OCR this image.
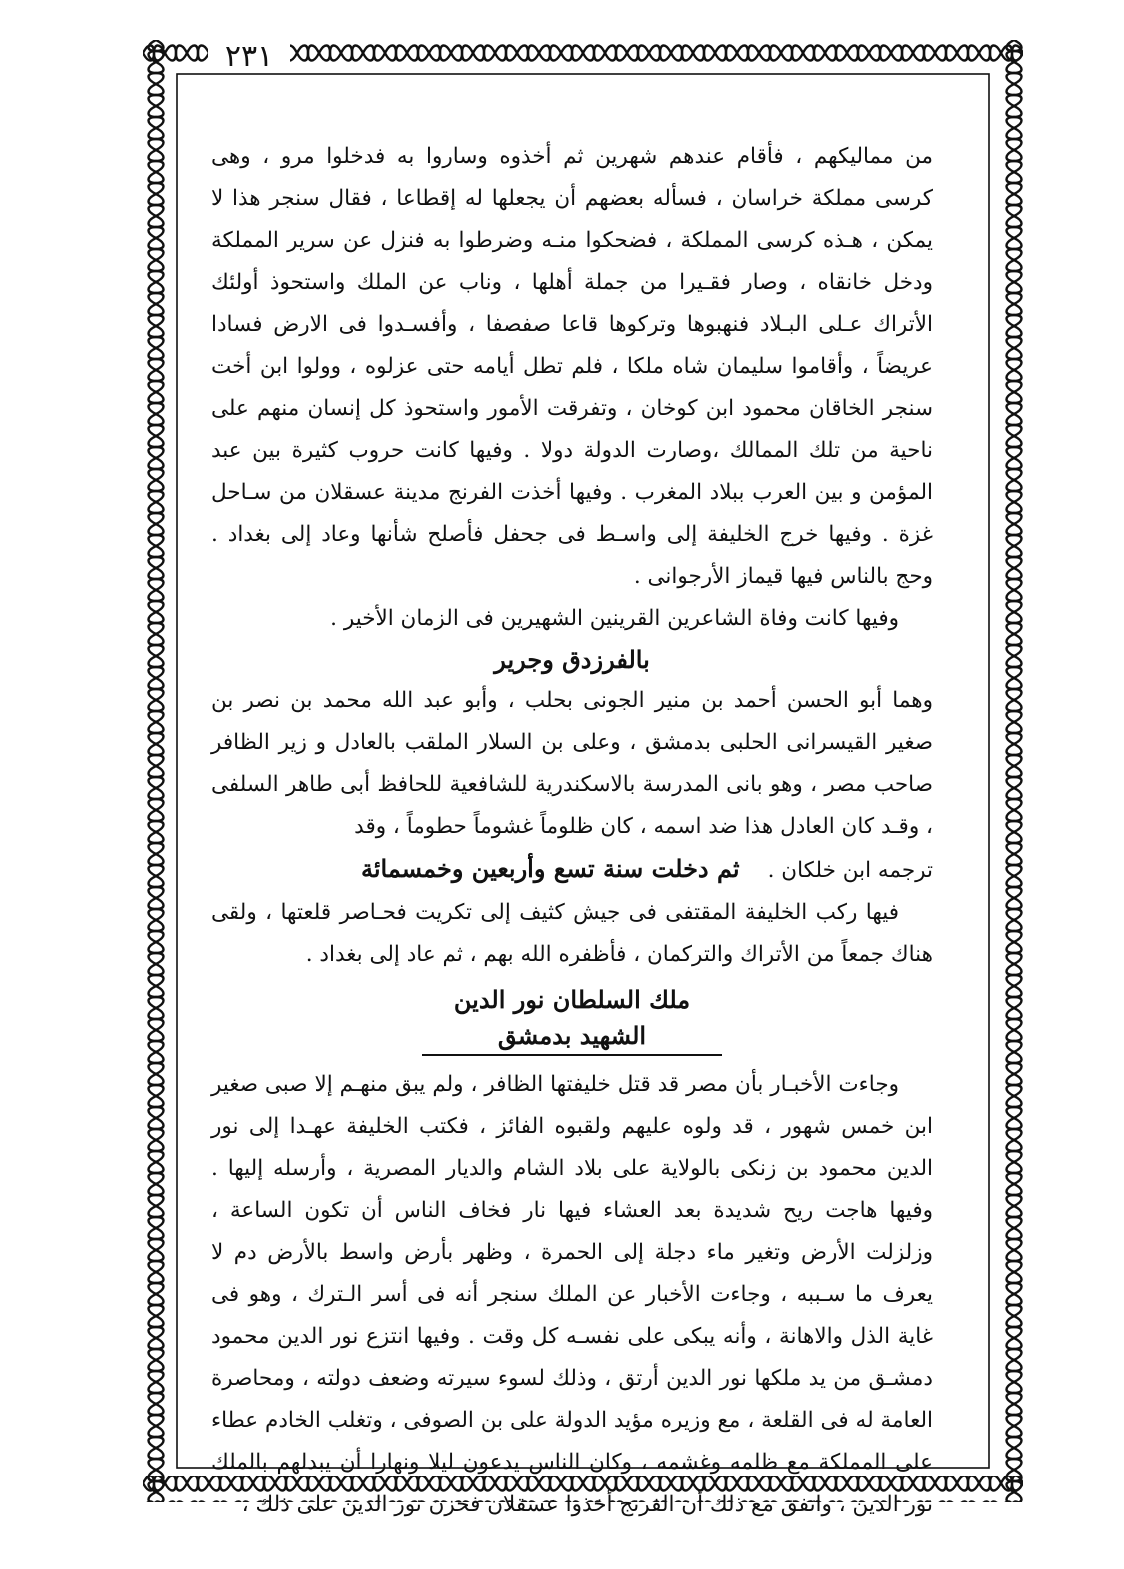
٢٣١

من مماليكهم ، فأقام عندهم شهرين ثم أخذوه وساروا به فدخلوا مرو ، وهى كرسى مملكة خراسان ، فسأله بعضهم أن يجعلها له إقطاعا ، فقال سنجر هذا لا يمكن ، هـذه كرسى المملكة ، فضحكوا منـه وضرطوا به فنزل عن سرير المملكة ودخل خانقاه ، وصار فقـيرا من جملة أهلها ، وناب عن الملك واستحوذ أولئك الأتراك عـلى البـلاد فنهبوها وتركوها قاعا صفصفا ، وأفسـدوا فى الارض فسادا عريضاً ، وأقاموا سليمان شاه ملكا ، فلم تطل أيامه حتى عزلوه ، وولوا ابن أخت سنجر الخاقان محمود ابن كوخان ، وتفرقت الأمور واستحوذ كل إنسان منهم على ناحية من تلك الممالك ،وصارت الدولة دولا . وفيها كانت حروب كثيرة بين عبد المؤمن و بين العرب ببلاد المغرب . وفيها أخذت الفرنج مدينة عسقلان من سـاحل غزة . وفيها خرج الخليفة إلى واسـط فى جحفل فأصلح شأنها وعاد إلى بغداد . وحج بالناس فيها قيماز الأرجوانى .

وفيها كانت وفاة الشاعرين القرينين الشهيرين فى الزمان الأخير .

بالفرزدق وجرير

وهما أبو الحسن أحمد بن منير الجونى بحلب ، وأبو عبد الله محمد بن نصر بن صغير القيسرانى الحلبى بدمشق ، وعلى بن السلار الملقب بالعادل و زير الظافر صاحب مصر ، وهو بانى المدرسة بالاسكندرية للشافعية للحافظ أبى طاهر السلفى ، وقـد كان العادل هذا ضد اسمه ، كان ظلوماً غشوماً حطوماً ، وقد

ترجمه ابن خلكان .
ثم دخلت سنة تسع وأربعين وخمسمائة

فيها ركب الخليفة المقتفى فى جيش كثيف إلى تكريت فحـاصر قلعتها ، ولقى هناك جمعاً من الأتراك والتركمان ، فأظفره الله بهم ، ثم عاد إلى بغداد .

ملك السلطان نور الدين الشهيد بدمشق

وجاءت الأخبـار بأن مصر قد قتل خليفتها الظافر ، ولم يبق منهـم إلا صبى صغير ابن خمس شهور ، قد ولوه عليهم ولقبوه الفائز ، فكتب الخليفة عهـدا إلى نور الدين محمود بن زنكى بالولاية على بلاد الشام والديار المصرية ، وأرسله إليها . وفيها هاجت ريح شديدة بعد العشاء فيها نار فخاف الناس أن تكون الساعة ، وزلزلت الأرض وتغير ماء دجلة إلى الحمرة ، وظهر بأرض واسط بالأرض دم لا يعرف ما سـببه ، وجاءت الأخبار عن الملك سنجر أنه فى أسر الـترك ، وهو فى غاية الذل والاهانة ، وأنه يبكى على نفسـه كل وقت . وفيها انتزع نور الدين محمود دمشـق من يد ملكها نور الدين أرتق ، وذلك لسوء سيرته وضعف دولته ، ومحاصرة العامة له فى القلعة ، مع وزيره مؤيد الدولة على بن الصوفى ، وتغلب الخادم عطاء على المملكة مع ظلمه وغشمه ، وكان الناس يدعون ليلا ونهارا أن يبدلهم بالملك نور الدين ، واتفق مع ذلك أن الفرنج أخذوا عسقلان فحزن نور الدين على ذلك ،
